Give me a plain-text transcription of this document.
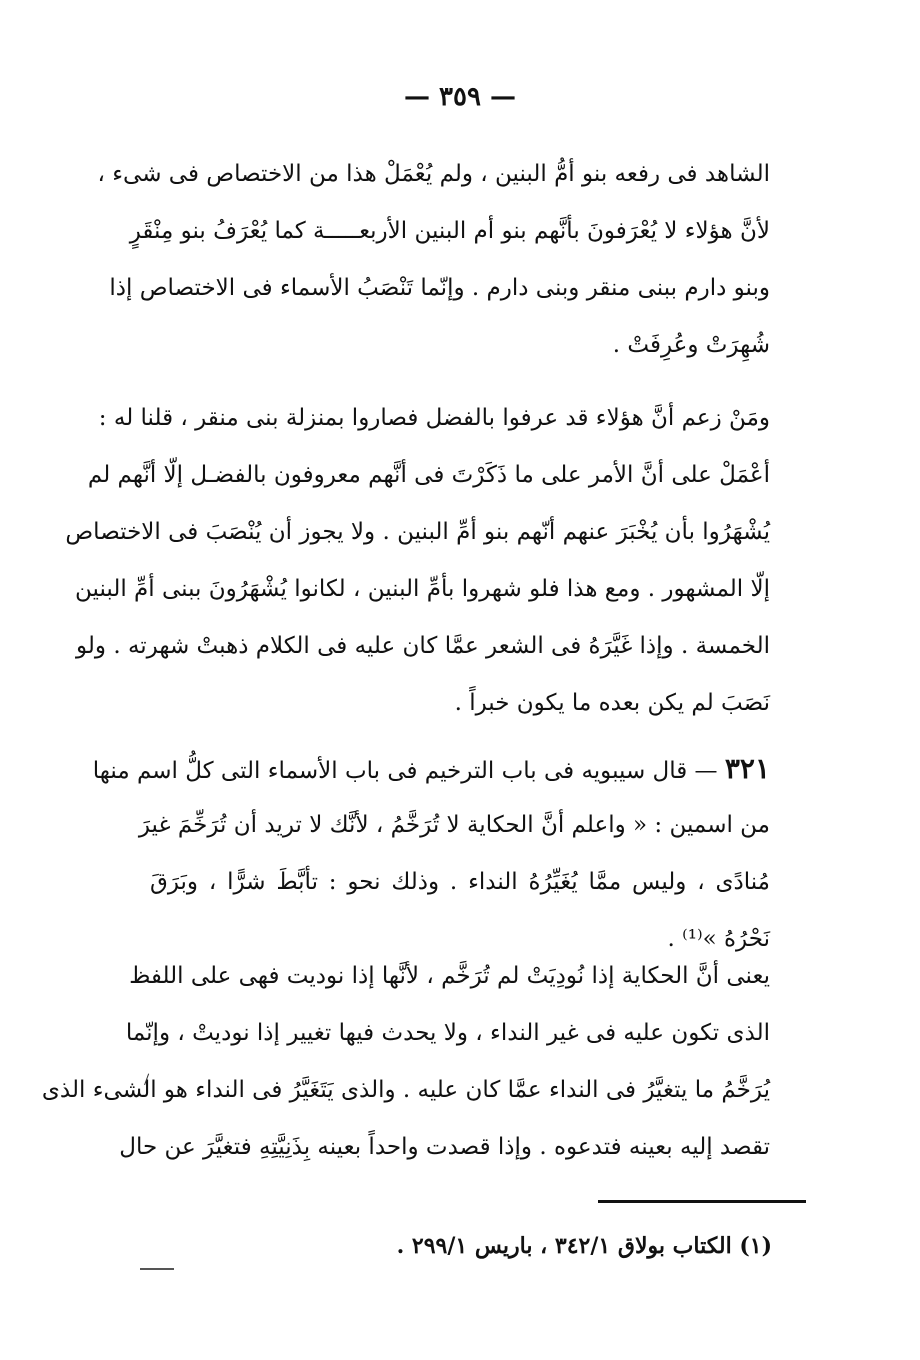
— ٣٥٩ —
الشاهد فى رفعه بنو أمُّ البنين ، ولم يُعْمَلْ هذا من الاختصاص فى شىء ،
لأنَّ هؤلاء لا يُعْرَفونَ بأنَّهم بنو أم البنين الأربعـــــة كما يُعْرَفُ بنو مِنْقَرٍ
وبنو دارم ببنى منقر وبنى دارم . وإنّما تَنْصَبُ الأسماء فى الاختصاص إذا
شُهِرَتْ وعُرِفَتْ .
ومَنْ زعم أنَّ هؤلاء قد عرفوا بالفضل فصاروا بمنزلة بنى منقر ، قلنا له :
أعْمَلْ على أنَّ الأمر على ما ذَكَرْتَ فى أنَّهم معروفون بالفضـل إلّا أنَّهم لم
يُشْهَرُوا بأن يُخْبَرَ عنهم أنّهم بنو أمِّ البنين . ولا يجوز أن يُنْصَبَ فى الاختصاص
إلّا المشهور . ومع هذا فلو شهروا بأمِّ البنين ، لكانوا يُشْهَرُونَ ببنى أمِّ البنين
الخمسة . وإذا غَيَّرَهُ فى الشعر عمَّا كان عليه فى الكلام ذهبتْ شهرته . ولو
نَصَبَ لم يكن بعده ما يكون خبراً .
٣٢١ — قال سيبويه فى باب الترخيم فى باب الأسماء التى كلُّ اسم منها
من اسمين : « واعلم أنَّ الحكاية لا تُرَخَّمُ ، لأنَّك لا تريد أن تُرَخِّمَ غيرَ
مُنادًى ، وليس ممَّا يُغَيِّرُهُ النداء . وذلك نحو : تأبَّطَ شرًّا ، وبَرَقَ
نَحْرُهُ »⁽¹⁾ .
يعنى أنَّ الحكاية إذا نُودِيَتْ لم تُرَخَّم ، لأنَّها إذا نوديت فهى على اللفظ
الذى تكون عليه فى غير النداء ، ولا يحدث فيها تغيير إذا نوديتْ ، وإنّما
يُرَخَّمُ ما يتغيَّرُ فى النداء عمَّا كان عليه . والذى يَتَغَيَّرُ فى النداء هو الشىء الذى
تقصد إليه بعينه فتدعوه . وإذا قصدت واحداً بعينه بِذَنِيَّتِهِ فتغيَّرَ عن حال
(١) الكتاب بولاق ٣٤٢/١ ، باريس ٢٩٩/١ .
